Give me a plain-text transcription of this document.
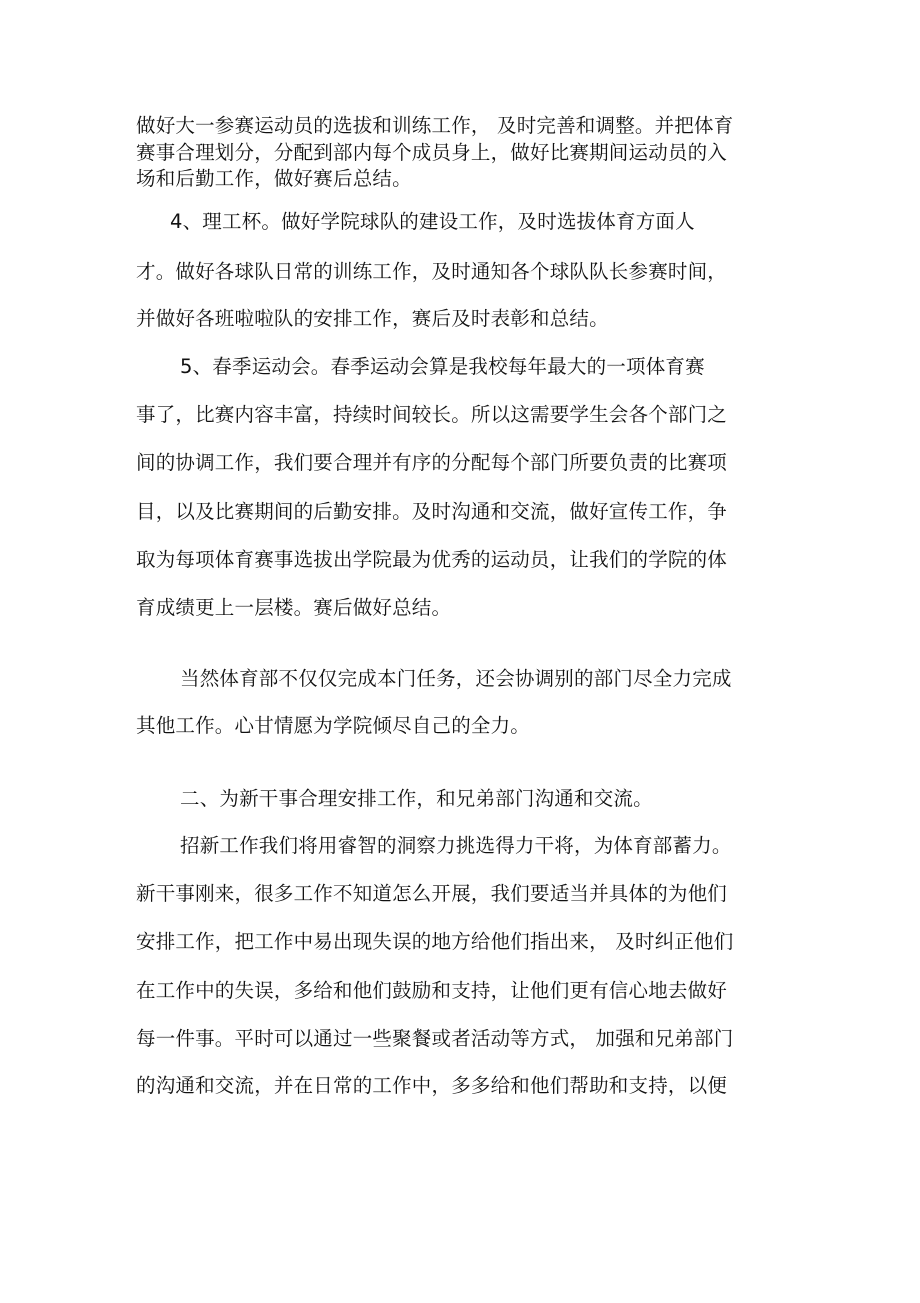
做好大一参赛运动员的选拔和训练工作， 及时完善和调整。并把体育
赛事合理划分，分配到部内每个成员身上，做好比赛期间运动员的入
场和后勤工作，做好赛后总结。
4、理工杯。做好学院球队的建设工作，及时选拔体育方面人
才。做好各球队日常的训练工作，及时通知各个球队队长参赛时间，
并做好各班啦啦队的安排工作，赛后及时表彰和总结。
5、春季运动会。春季运动会算是我校每年最大的一项体育赛
事了，比赛内容丰富，持续时间较长。所以这需要学生会各个部门之
间的协调工作，我们要合理并有序的分配每个部门所要负责的比赛项
目，以及比赛期间的后勤安排。及时沟通和交流，做好宣传工作，争
取为每项体育赛事选拔出学院最为优秀的运动员，让我们的学院的体
育成绩更上一层楼。赛后做好总结。
当然体育部不仅仅完成本门任务，还会协调别的部门尽全力完成
其他工作。心甘情愿为学院倾尽自己的全力。
二、为新干事合理安排工作，和兄弟部门沟通和交流。
招新工作我们将用睿智的洞察力挑选得力干将，为体育部蓄力。
新干事刚来，很多工作不知道怎么开展，我们要适当并具体的为他们
安排工作，把工作中易出现失误的地方给他们指出来， 及时纠正他们
在工作中的失误，多给和他们鼓励和支持，让他们更有信心地去做好
每一件事。平时可以通过一些聚餐或者活动等方式， 加强和兄弟部门
的沟通和交流，并在日常的工作中，多多给和他们帮助和支持，以便
